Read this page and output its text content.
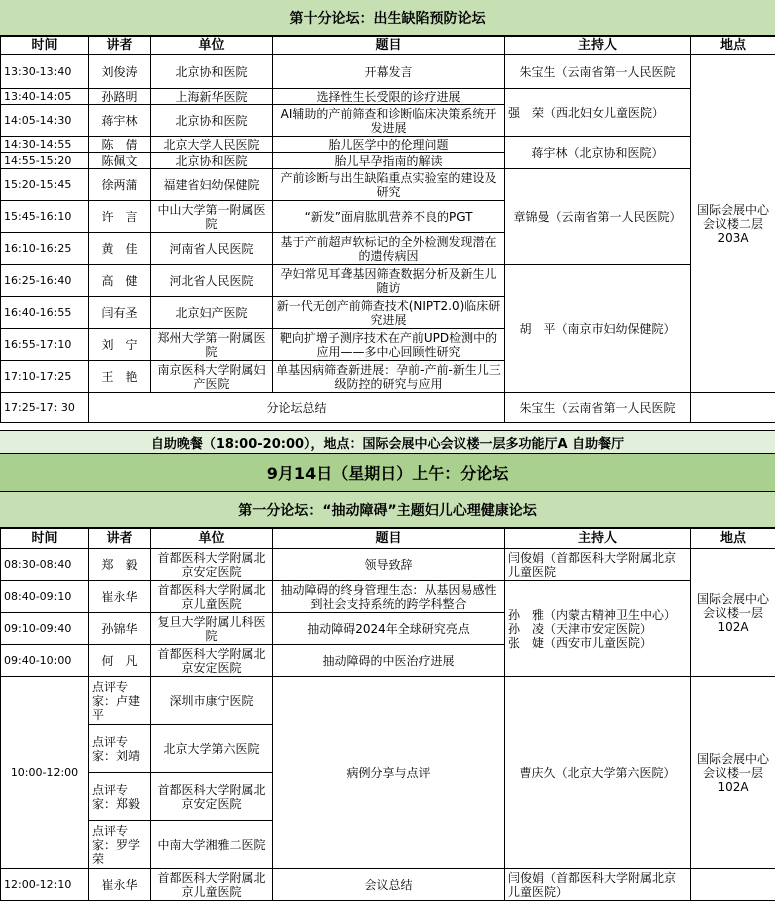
第十分论坛：出生缺陷预防论坛
时间	讲者	单位	题目	主持人	地点
13:30-13:40	刘俊涛	北京协和医院	开幕发言	朱宝生（云南省第一人民医院	国际会展中心会议楼二层203A
13:40-14:05	孙路明	上海新华医院	选择性生长受限的诊疗进展	强　荣（西北妇女儿童医院）	
14:05-14:30	蒋宇林	北京协和医院	AI辅助的产前筛查和诊断临床决策系统开发进展		
14:30-14:55	陈　倩	北京大学人民医院	胎儿医学中的伦理问题	蒋宇林（北京协和医院）	
14:55-15:20	陈佩文	北京协和医院	胎儿早孕指南的解读		
15:20-15:45	徐两蒲	福建省妇幼保健院	产前诊断与出生缺陷重点实验室的建设及研究	章锦曼（云南省第一人民医院）	
15:45-16:10	许　言	中山大学第一附属医院	“新发”面肩肱肌营养不良的PGT		
16:10-16:25	黄　佳	河南省人民医院	基于产前超声软标记的全外检测发现潜在的遗传病因		
16:25-16:40	高　健	河北省人民医院	孕妇常见耳聋基因筛查数据分析及新生儿随访	胡　平（南京市妇幼保健院）	
16:40-16:55	闫有圣	北京妇产医院	新一代无创产前筛查技术(NIPT2.0)临床研究进展		
16:55-17:10	刘　宁	郑州大学第一附属医院	靶向扩增子测序技术在产前UPD检测中的应用——多中心回顾性研究		
17:10-17:25	王　艳	南京医科大学附属妇产医院	单基因病筛查新进展：孕前-产前-新生儿三级防控的研究与应用		
17:25-17: 30	分论坛总结			朱宝生（云南省第一人民医院	
自助晚餐（18:00-20:00），地点：国际会展中心会议楼一层多功能厅A 自助餐厅
9月14日（星期日）上午：分论坛
第一分论坛：“抽动障碍”主题妇儿心理健康论坛
时间	讲者	单位	题目	主持人	地点
08:30-08:40	郑　毅	首都医科大学附属北京安定医院	领导致辞	闫俊娟（首都医科大学附属北京儿童医院	国际会展中心会议楼一层102A
08:40-09:10	崔永华	首都医科大学附属北京儿童医院	抽动障碍的终身管理生态：从基因易感性到社会支持系统的跨学科整合	孙　雅（内蒙古精神卫生中心）
孙　凌（天津市安定医院）
张　婕（西安市儿童医院）	
09:10-09:40	孙锦华	复旦大学附属儿科医院	抽动障碍2024年全球研究亮点		
09:40-10:00	何　凡	首都医科大学附属北京安定医院	抽动障碍的中医治疗进展		
10:00-12:00	点评专家：卢建平	深圳市康宁医院	病例分享与点评	曹庆久（北京大学第六医院）	国际会展中心会议楼一层102A
	点评专家：刘靖	北京大学第六医院			
	点评专家：郑毅	首都医科大学附属北京安定医院			
	点评专家：罗学荣	中南大学湘雅二医院			
12:00-12:10	崔永华	首都医科大学附属北京儿童医院	会议总结	闫俊娟（首都医科大学附属北京儿童医院）	
